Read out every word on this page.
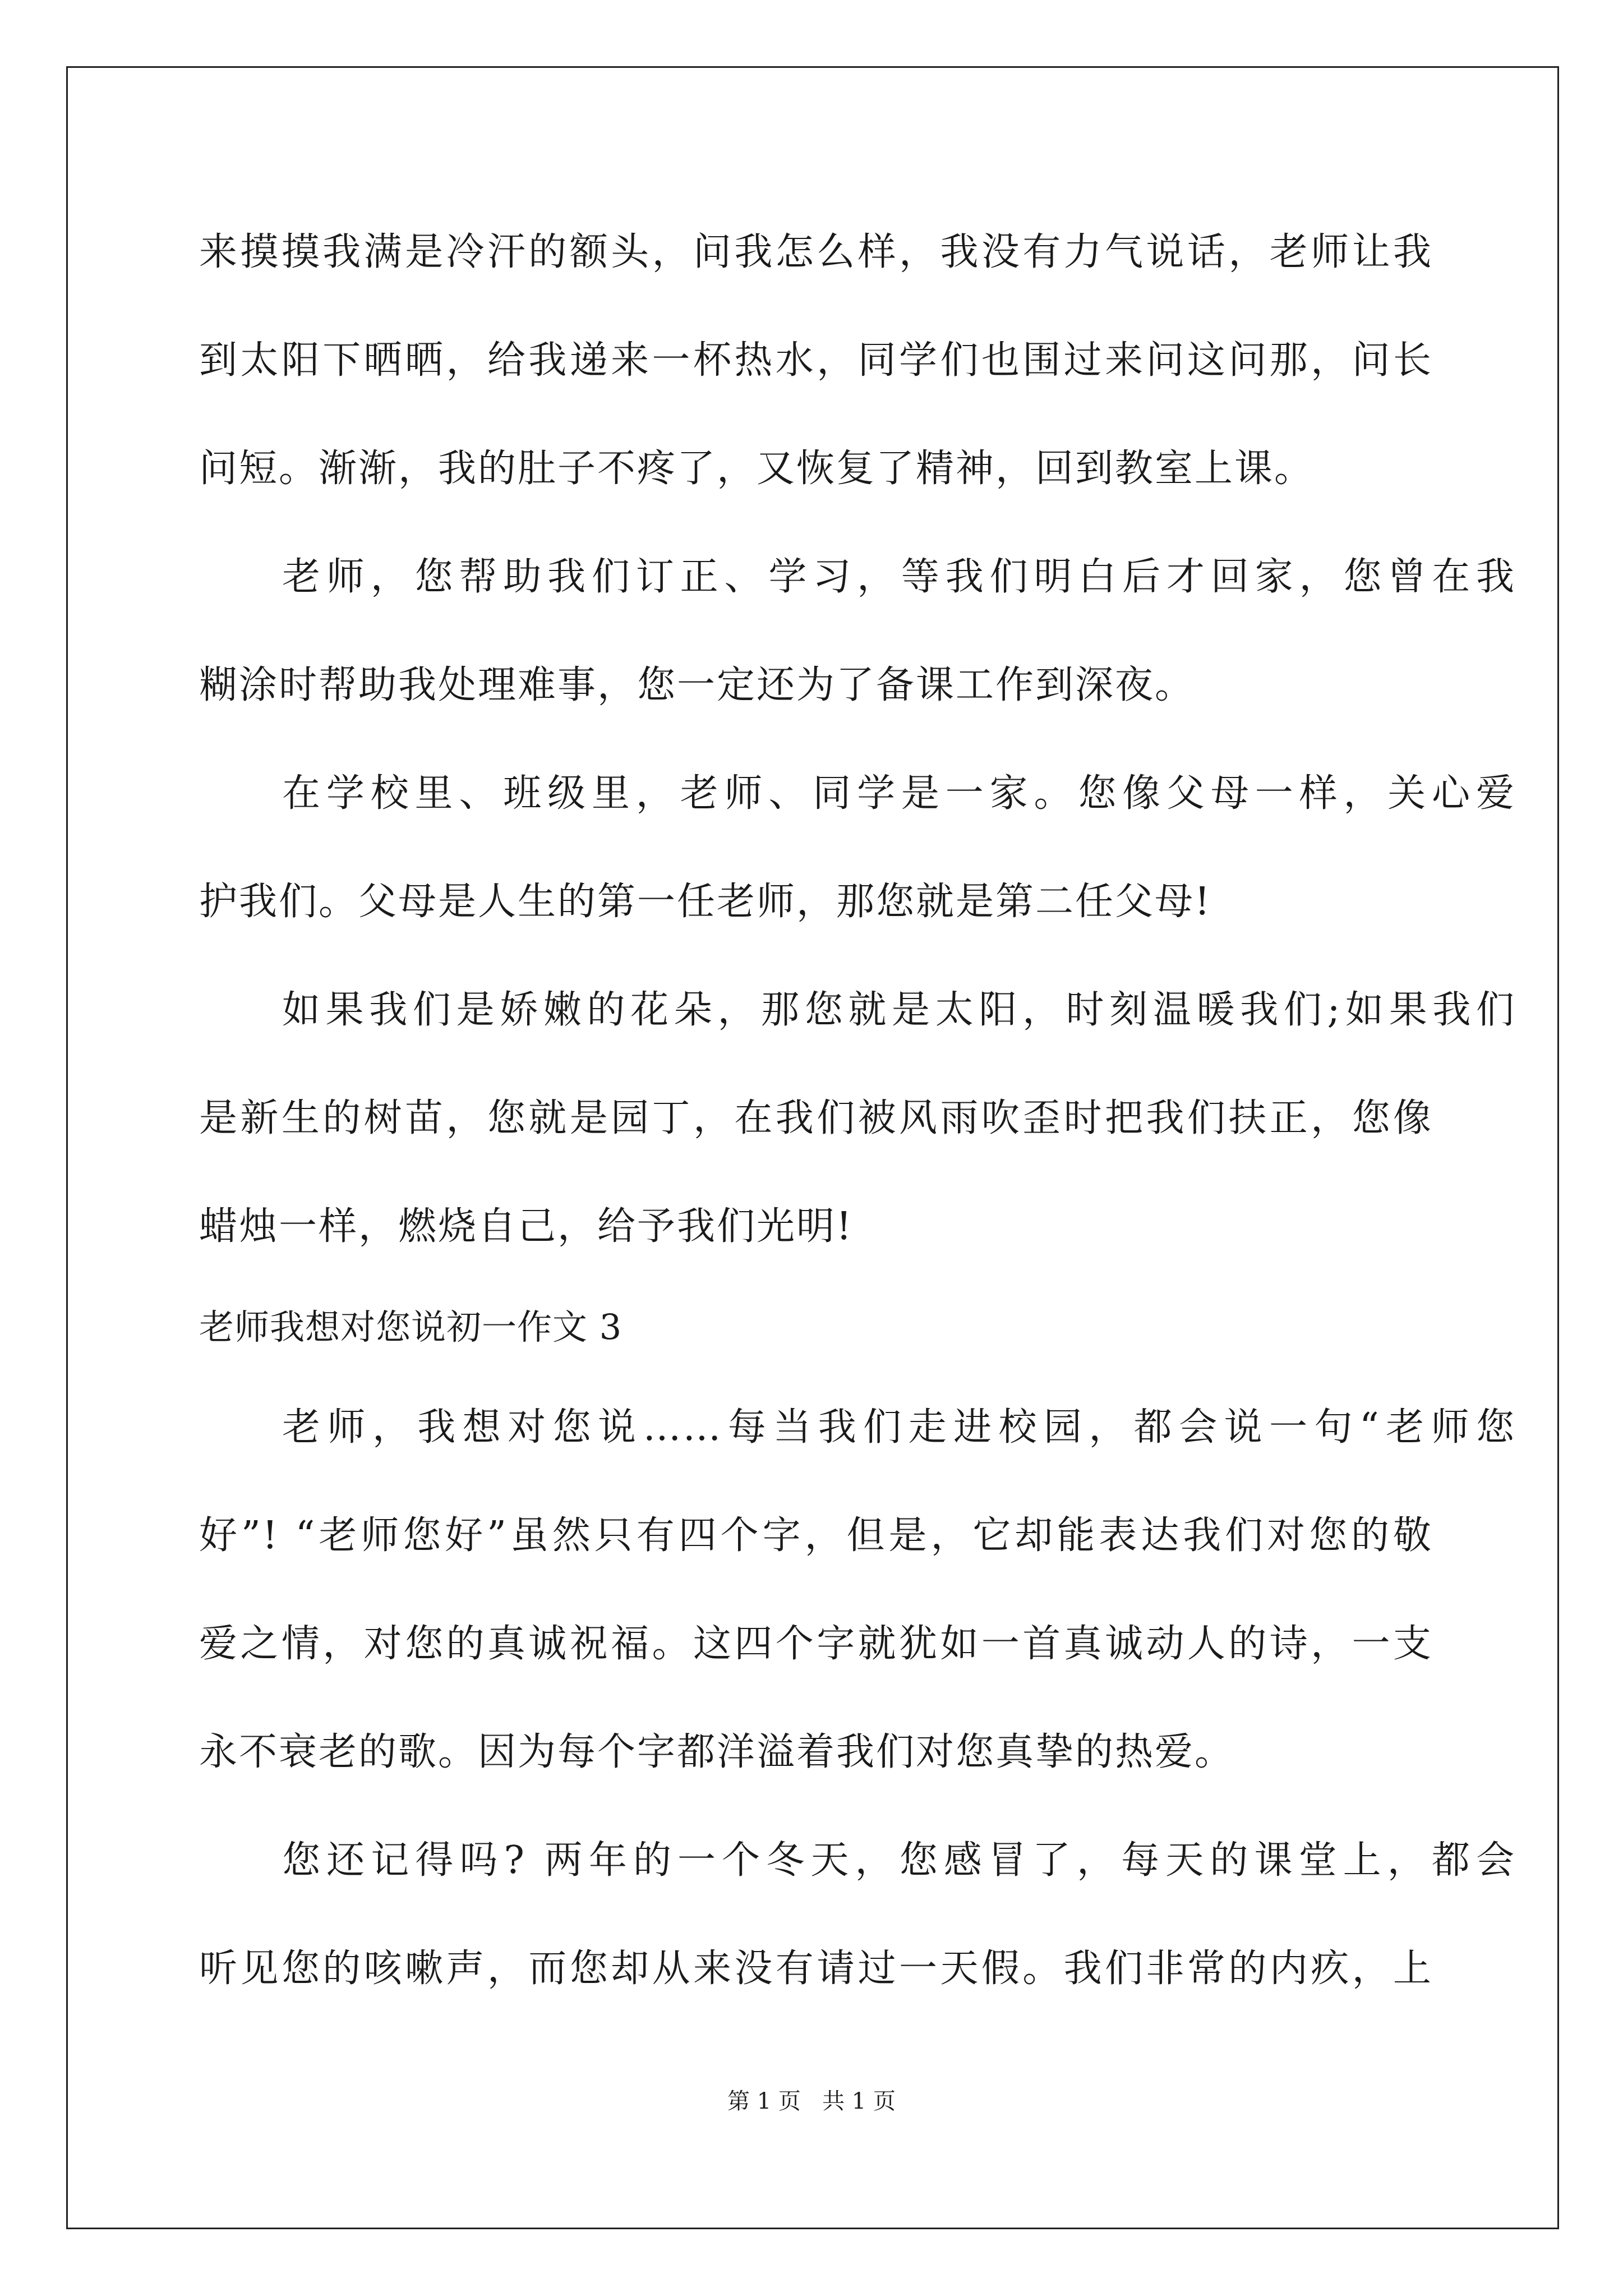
来摸摸我满是冷汗的额头，问我怎么样，我没有力气说话，老师让我
到太阳下晒晒，给我递来一杯热水，同学们也围过来问这问那，问长
问短。渐渐，我的肚子不疼了，又恢复了精神，回到教室上课。
老师，您帮助我们订正、学习，等我们明白后才回家，您曾在我
糊涂时帮助我处理难事，您一定还为了备课工作到深夜。
在学校里、班级里，老师、同学是一家。您像父母一样，关心爱
护我们。父母是人生的第一任老师，那您就是第二任父母!
如果我们是娇嫩的花朵，那您就是太阳，时刻温暖我们;如果我们
是新生的树苗，您就是园丁，在我们被风雨吹歪时把我们扶正，您像
蜡烛一样，燃烧自己，给予我们光明!
老师我想对您说初一作文 3
老师，我想对您说……每当我们走进校园，都会说一句“老师您
好”! “老师您好”虽然只有四个字，但是，它却能表达我们对您的敬
爱之情，对您的真诚祝福。这四个字就犹如一首真诚动人的诗，一支
永不衰老的歌。因为每个字都洋溢着我们对您真挚的热爱。
您还记得吗? 两年的一个冬天，您感冒了，每天的课堂上，都会
听见您的咳嗽声，而您却从来没有请过一天假。我们非常的内疚，上
第 1 页   共 1 页
